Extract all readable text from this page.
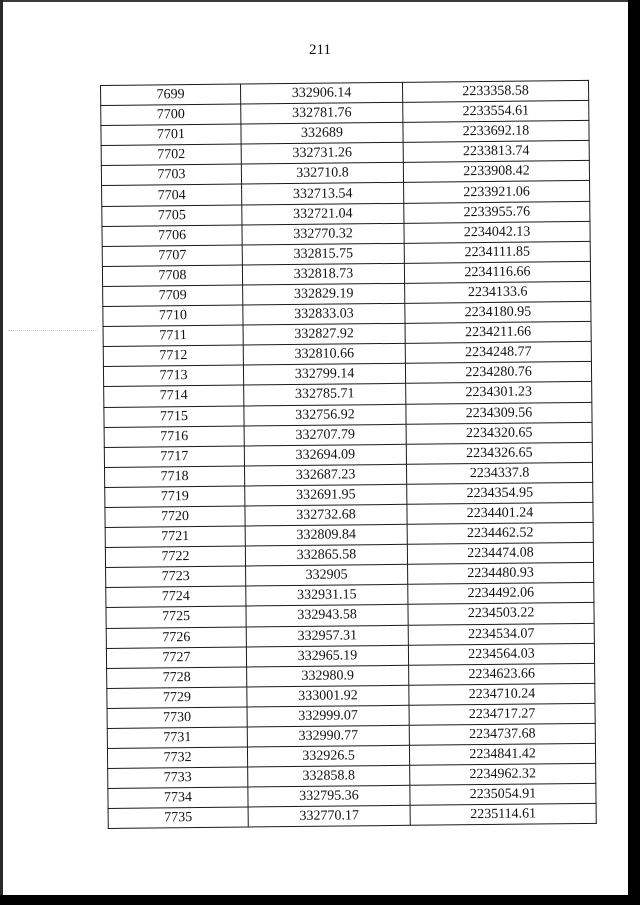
211
7699	332906.14	2233358.58
7700	332781.76	2233554.61
7701	332689	2233692.18
7702	332731.26	2233813.74
7703	332710.8	2233908.42
7704	332713.54	2233921.06
7705	332721.04	2233955.76
7706	332770.32	2234042.13
7707	332815.75	2234111.85
7708	332818.73	2234116.66
7709	332829.19	2234133.6
7710	332833.03	2234180.95
7711	332827.92	2234211.66
7712	332810.66	2234248.77
7713	332799.14	2234280.76
7714	332785.71	2234301.23
7715	332756.92	2234309.56
7716	332707.79	2234320.65
7717	332694.09	2234326.65
7718	332687.23	2234337.8
7719	332691.95	2234354.95
7720	332732.68	2234401.24
7721	332809.84	2234462.52
7722	332865.58	2234474.08
7723	332905	2234480.93
7724	332931.15	2234492.06
7725	332943.58	2234503.22
7726	332957.31	2234534.07
7727	332965.19	2234564.03
7728	332980.9	2234623.66
7729	333001.92	2234710.24
7730	332999.07	2234717.27
7731	332990.77	2234737.68
7732	332926.5	2234841.42
7733	332858.8	2234962.32
7734	332795.36	2235054.91
7735	332770.17	2235114.61
